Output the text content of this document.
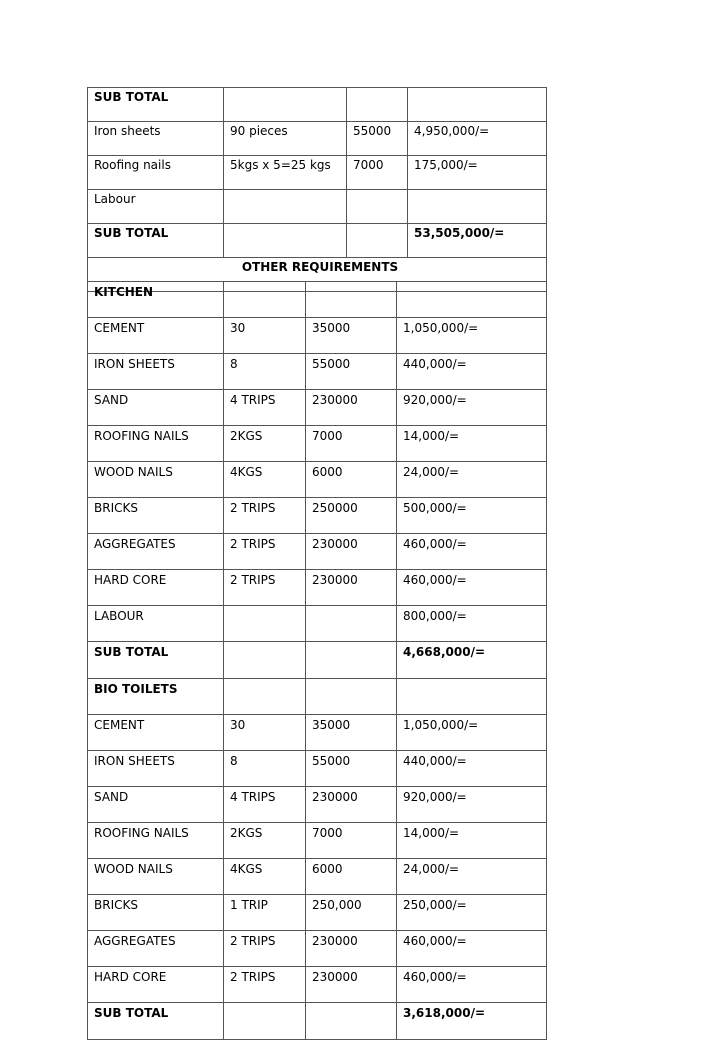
SUB TOTAL			
Iron sheets	90 pieces	55000	4,950,000/=
Roofing nails	5kgs x 5=25 kgs	7000	175,000/=
Labour			
SUB TOTAL			53,505,000/=
OTHER REQUIREMENTS			
KITCHEN			
CEMENT	30	35000	1,050,000/=
IRON SHEETS	8	55000	440,000/=
SAND	4 TRIPS	230000	920,000/=
ROOFING NAILS	2KGS	7000	14,000/=
WOOD NAILS	4KGS	6000	24,000/=
BRICKS	2 TRIPS	250000	500,000/=
AGGREGATES	2 TRIPS	230000	460,000/=
HARD CORE	2 TRIPS	230000	460,000/=
LABOUR			800,000/=
SUB TOTAL			4,668,000/=
BIO TOILETS			
CEMENT	30	35000	1,050,000/=
IRON SHEETS	8	55000	440,000/=
SAND	4 TRIPS	230000	920,000/=
ROOFING NAILS	2KGS	7000	14,000/=
WOOD NAILS	4KGS	6000	24,000/=
BRICKS	1 TRIP	250,000	250,000/=
AGGREGATES	2 TRIPS	230000	460,000/=
HARD CORE	2 TRIPS	230000	460,000/=
SUB TOTAL			3,618,000/=
